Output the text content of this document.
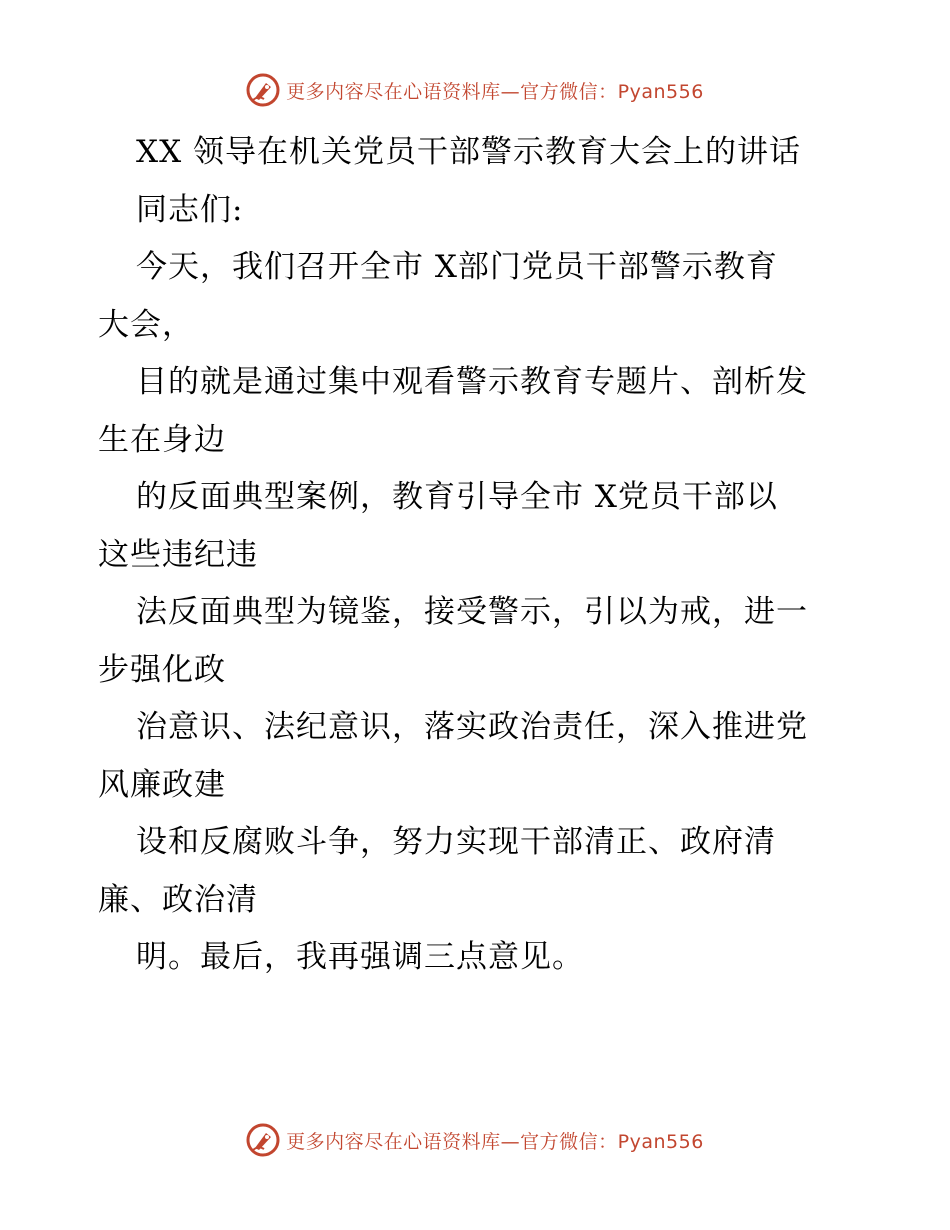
更多内容尽在心语资料库—官方微信：Pyan556
XX 领导在机关党员干部警示教育大会上的讲话
同志们:
今天，我们召开全市 X部门党员干部警示教育
大会，
目的就是通过集中观看警示教育专题片、剖析发
生在身边
的反面典型案例，教育引导全市 X党员干部以
这些违纪违
法反面典型为镜鉴，接受警示，引以为戒，进一
步强化政
治意识、法纪意识，落实政治责任，深入推进党
风廉政建
设和反腐败斗争，努力实现干部清正、政府清
廉、政治清
明。最后，我再强调三点意见。
更多内容尽在心语资料库—官方微信：Pyan556
